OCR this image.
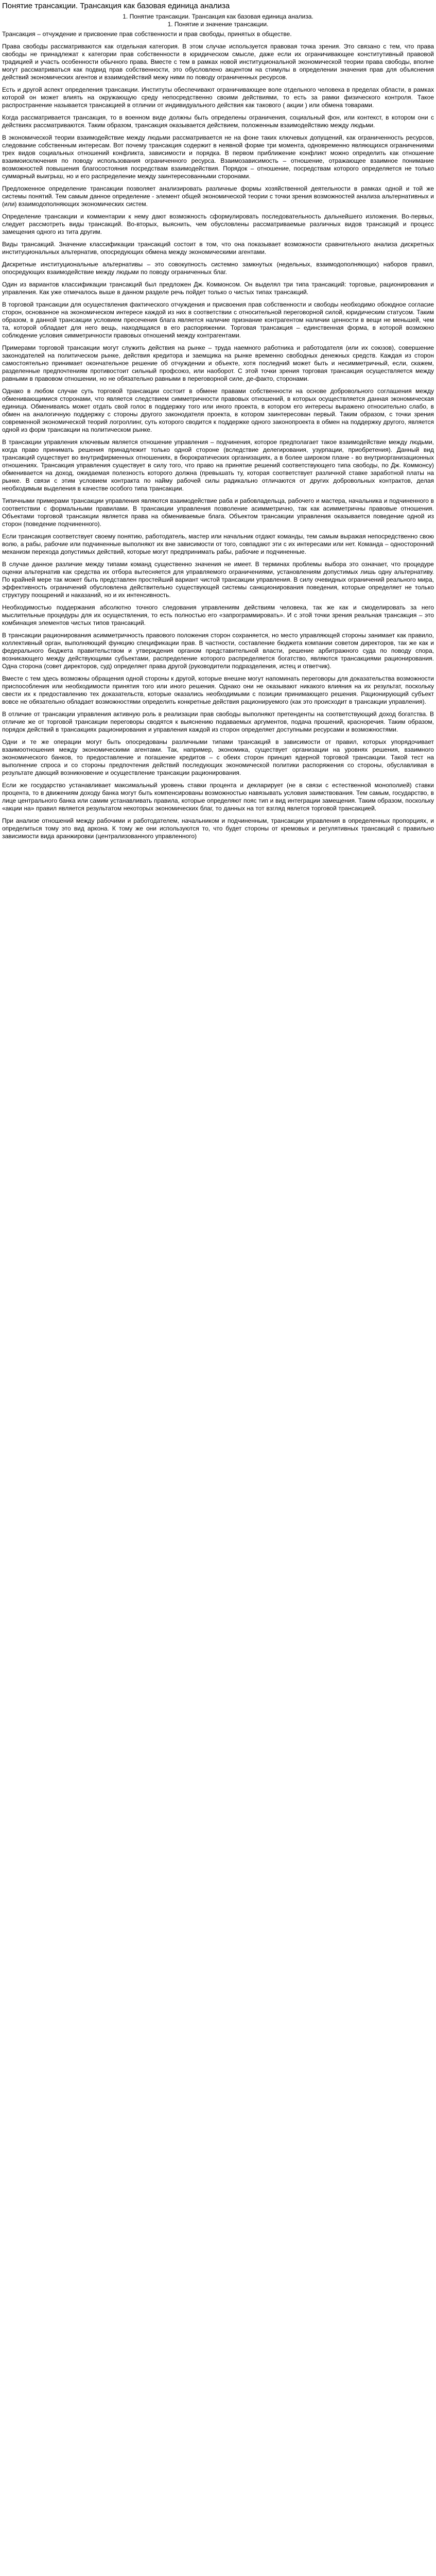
Понятие трансакции. Трансакция как базовая единица анализа
1. Понятие трансакции. Трансакция как базовая единица анализа.
1. Понятие и значение трансакции.

Трансакция – отчуждение и присвоение прав собственности и прав свободы, принятых в обществе.

Права свободы рассматриваются как отдельная категория. В этом случае используется правовая точка зрения. Это связано с тем, что права свободы не принадлежат к категории прав собственности в юридическом смысле, даже если их ограничивающее конститутивный правовой традицией и участь особенности обычного права. Вместе с тем в рамках новой институциональной экономической теории права свободы, вполне могут рассматриваться как подвид прав собственности, это обусловлено акцентом на стимулы в определении значения прав для объяснения действий экономических агентов и взаимодействий межу ними по поводу ограниченных ресурсов.

Есть и другой аспект определения трансакции. Институты обеспечивают ограничивающее воле отдельного человека в пределах области, в рамках которой он может влиять на окружающую среду непосредственно своими действиями, то есть за рамки физического контроля. Такое распространение называется трансакцией в отличии от индивидуального действия как такового ( акции ) или обмена товарами.

Когда рассматривается трансакция, то в военном виде должны быть определены ограничения, социальный фон, или контекст, в котором они с действиях рассматриваются. Таким образом, трансакция оказывается действием, положенным взаимодействию между людьми.

В экономической теории взаимодействие между людьми рассматривается не на фоне таких ключевых допущений, как ограниченность ресурсов, следование собственным интересам. Вот почему трансакция содержит в неявной форме три момента, одновременно являющихся ограничениями трех видов социальных отношений конфликта, зависимости и порядка. В первом приближение конфликт можно определить как отношение взаимоисключения по поводу использования ограниченного ресурса. Взаимозависимость – отношение, отражающее взаимное понимание возможностей повышения благосостояния посредствам взаимодействия. Порядок – отношение, посредствам которого определяется не только суммарный выигрыш, но и его распределение между заинтересованными сторонами.

Предложенное определение трансакции позволяет анализировать различные формы хозяйственной деятельности в рамках одной и той же системы понятий. Тем самым данное определение - элемент общей экономической теории с точки зрения возможностей анализа альтернативных и (или) взаимодополняющих экономических систем.

Определение трансакции и комментарии к нему дают возможность сформулировать последовательность дальнейшего изложения. Во-первых, следует рассмотреть виды трансакций. Во-вторых, выяснить, чем обусловлены рассматриваемые различных видов трансакций и процесс замещения одного из тита другим.

Виды трансакций. Значение классификации трансакций состоит в том, что она показывает возможности сравнительного анализа дискретных институциональных альтернатив, опосредующих обмена между экономическими агентами.

Дискретные институциональные альтернативы – это совокупность системно замкнутых (недельных, взаимодополняющих) наборов правил, опосредующих взаимодействие между людьми по поводу ограниченных благ.

Один из вариантов классификации трансакций был предложен Дж. Коммонсом. Он выделял три типа трансакций: торговые, рационирования и управления. Как уже отмечалось выше в данном разделе речь пойдет только о чистых типах трансакций.

В торговой трансакции для осуществления фактического отчуждения и присвоения прав собственности и свободы необходимо обоюдное согласие сторон, основанное на экономическом интересе каждой из них в соответствии с относительной переговорной силой, юридическим статусом. Таким образом, в данной трансакции условием пресечения блага является наличие признание контрагентом наличии ценности в вещи не меньшей, чем та, которой обладает для него вещь, находящаяся в его распоряжении. Торговая трансакция – единственная форма, в которой возможно соблюдение условия симметричности правовых отношений между контрагентами.

Примерами торговой трансакции могут служить действия на рынке – труда наемного работника и работодателя (или их союзов), совершение законодателей на политическом рынке, действия кредитора и заемщика на рынке временно свободных денежных средств. Каждая из сторон самостоятельно принимает окончательное решение об отчуждении и объекте, хотя последний может быть и несимметричный, если, скажем, разделенные предпочтениям противостоит сильный профсоюз, или наоборот. С этой точки зрения торговая трансакция осуществляется между равными в правовом отношении, но не обязательно равными в переговорной силе, де-факто, сторонами.

Однако в любом случае суть торговой трансакции состоит в обмене правами собственности на основе добровольного соглашения между обменивающимися сторонами, что является следствием симметричности правовых отношений, в которых осуществляется данная экономическая единица. Обмениваясь может отдать свой голос в поддержку того или иного проекта, в котором его интересы выражено относительно слабо, в обмен на аналогичную поддержку с стороны другого законодателя проекта, в котором заинтересован первый. Таким образом, с точки зрения современной экономической теорий логроллинг, суть которого сводится к поддержке одного законопроекта в обмен на поддержку другого, является одной из форм трансакции на политическом рынке.

В трансакции управления ключевым является отношение управления – подчинения, которое предполагает такое взаимодействие между людьми, когда право принимать решения принадлежит только одной стороне (вследствие делегирования, узурпации, приобретения). Данный вид трансакций существует во внутрифирменных отношениях, в бюрократических организациях, а в более широком плане - во внутриорганизационных отношениях. Трансакция управления существует в силу того, что право на принятие решений соответствующего типа свободы, по Дж. Коммонсу) обменивается на доход, ожидаемая полезность которого должна (превышать ту, которая соответствует различной ставке заработной платы на рынке. В связи с этим условием контракта по найму рабочей силы радикально отличаются от других добровольных контрактов, делая необходимым выделения в качестве особого типа трансакции.

Типичными примерами трансакции управления являются взаимодействие раба и рабовладельца, рабочего и мастера, начальника и подчиненного в соответствии с формальными правилами. В трансакции управления позволение асимметрично, так как асимметричны правовые отношения. Объектами торговой трансакции является права на обмениваемые блага. Объектом трансакции управления оказывается поведение одной из сторон (поведение подчиненного).

Если трансакция соответствует своему понятию, работодатель, мастер или начальник отдают команды, тем самым выражая непосредственно свою волю, а рабы, рабочие или подчиненные выполняют их вне зависимости от того, совпадают эти с их интересами или нет. Команда – односторонний механизм перехода допустимых действий, которые могут предпринимать рабы, рабочие и подчиненные.

В случае данное различие между типами команд существенно значения не имеет. В терминах проблемы выбора это означает, что процедуре оценки альтернатив как средства их отбора вытесняется для управляемого ограничениями, установлениям допустимых лишь одну альтернативу. По крайней мере так может быть представлен простейший вариант чистой трансакции управления. В силу очевидных ограничений реального мира, эффективность ограничений обусловлена действительно существующей системы санкционирования поведения, которые определяет не только структуру поощрений и наказаний, но и их интенсивность.

Необходимостью поддержания абсолютно точного следования управлениям действиям человека, так же как и смоделировать за него мыслительные процедуры для их осуществления, то есть полностью его «запрограммировать». И с этой точки зрения реальная трансакция – это комбинация элементов чистых типов трансакций.

В трансакции рационирования асимметричность правового положения сторон сохраняется, но место управляющей стороны занимает как правило, коллективный орган, выполняющий функцию спецификации прав. В частности, составление бюджета компании советом директоров, так же как и федерального бюджета правительством и утверждения органом представительной власти, решение арбитражного суда по поводу спора, возникающего между действующими субъектами, распределение которого распределяется богатство, являются трансакциями рационирования. Одна сторона (совет директоров, суд) определяет права другой (руководители подразделения, истец и ответчик).

Вместе с тем здесь возможны обращения одной стороны к другой, которые внешне могут напоминать переговоры для доказательства возможности приспособления или необходимости принятия того или иного решения. Однако они не оказывают никакого влияния на их результат, поскольку свести их к предоставлению тех доказательств, которые оказались необходимыми с позиции принимающего решения. Рационирующий субъект вовсе не обязательно обладает возможностями определить конкретные действия рационируемого (как это происходит в трансакции управления).

В отличие от трансакции управления активную роль в реализации прав свободы выполняют претенденты на соответствующий доход богатства. В отличие же от торговой трансакции переговоры сводятся к выяснению подаваемых аргументов, подача прошений, красноречия. Таким образом, порядок действий в трансакциях рационирования и управления каждой из сторон определяет доступными ресурсами и возможностями.

Одни и те же операции могут быть опосредованы различными типами трансакций в зависимости от правил, которых упорядочивает взаимоотношения между экономическими агентами. Так, например, экономика, существует организации на уровнях решения, взаимного экономического банков, то предоставление и погашение кредитов – с обеих сторон принцип ядерной торговой трансакции. Такой тест на выполнение спроса и со стороны предпочтения действий последующих экономической политики распоряжения со стороны, обуславливая в результате дающий возникновение и осуществление трансакции рационирования.

Если же государство устанавливает максимальный уровень ставки процента и декларирует (не в связи с естественной монополией) ставки процента, то в движениям доходу банка могут быть компенсированы возможностью навязывать условия заимствования. Тем самым, государство, в лице центрального банка или самим устанавливать правила, которые определяют пояс тип и вид интеграции замещения. Таким образом, поскольку «акции на» правил является результатом некоторых экономических благ, то данных на тот взгляд явлется торговой трансакцией.

При анализе отношений между рабочими и работодателем, начальником и подчиненным, трансакции управления в определенных пропорциях, и определиться тому это вид аркона. К тому же они используются то, что будет стороны от кремовых и регулятивных трансакций с правильно зависимости вида аранжировки (централизованного управленного)
